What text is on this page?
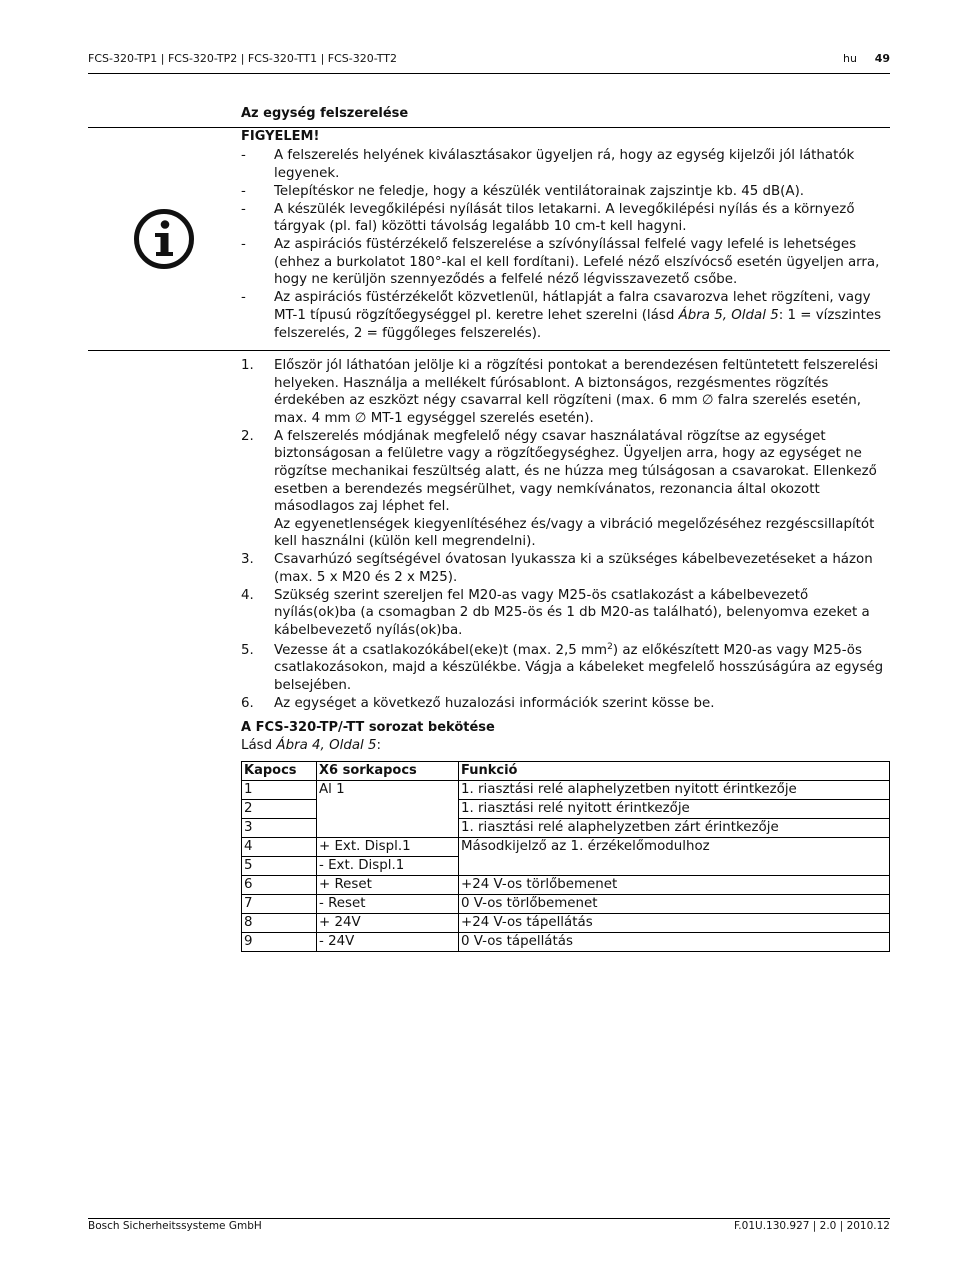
FCS-320-TP1 | FCS-320-TP2 | FCS-320-TT1 | FCS-320-TT2	hu 49
Az egység felszerelése
FIGYELEM!
- A felszerelés helyének kiválasztásakor ügyeljen rá, hogy az egység kijelzői jól láthatók legyenek.
- Telepítéskor ne feledje, hogy a készülék ventilátorainak zajszintje kb. 45 dB(A).
- A készülék levegőkilépési nyílását tilos letakarni. A levegőkilépési nyílás és a környező tárgyak (pl. fal) közötti távolság legalább 10 cm-t kell hagyni.
- Az aspirációs füstérzékelő felszerelése a szívónyílással felfelé vagy lefelé is lehetséges (ehhez a burkolatot 180°-kal el kell fordítani). Lefelé néző elszívócső esetén ügyeljen arra, hogy ne kerüljön szennyeződés a felfelé néző légvisszavezető csőbe.
- Az aspirációs füstérzékelőt közvetlenül, hátlapját a falra csavarozva lehet rögzíteni, vagy MT-1 típusú rögzítőegységgel pl. keretre lehet szerelni (lásd Ábra 5, Oldal 5: 1 = vízszintes felszerelés, 2 = függőleges felszerelés).
1. Először jól láthatóan jelölje ki a rögzítési pontokat a berendezésen feltüntetett felszerelési helyeken. Használja a mellékelt fúrósablont. A biztonságos, rezgésmentes rögzítés érdekében az eszközt négy csavarral kell rögzíteni (max. 6 mm ∅ falra szerelés esetén, max. 4 mm ∅ MT-1 egységgel szerelés esetén).

2. A felszerelés módjának megfelelő négy csavar használatával rögzítse az egységet biztonságosan a felületre vagy a rögzítőegységhez. Ügyeljen arra, hogy az egységet ne rögzítse mechanikai feszültség alatt, és ne húzza meg túlságosan a csavarokat. Ellenkező esetben a berendezés megsérülhet, vagy nemkívánatos, rezonancia által okozott másodlagos zaj léphet fel.

Az egyenetlenségek kiegyenlítéséhez és/vagy a vibráció megelőzéséhez rezgéscsillapítót kell használni (külön kell megrendelni).

3. Csavarhúzó segítségével óvatosan lyukassza ki a szükséges kábelbevezetéseket a házon (max. 5 x M20 és 2 x M25).

4. Szükség szerint szereljen fel M20-as vagy M25-ös csatlakozást a kábelbevezető nyílás(ok)ba (a csomagban 2 db M25-ös és 1 db M20-as található), belenyomva ezeket a kábelbevezető nyílás(ok)ba.

5. Vezesse át a csatlakozókábel(eke)t (max. 2,5 $mm^2$) az előkészített M20-as vagy M25-ös csatlakozásokon, majd a készülékbe. Vágja a kábeleket megfelelő hosszúságúra az egység belsejében.

6. Az egységet a következő huzalozási információk szerint kösse be.

A FCS-320-TP/-TT sorozat bekötése
Lásd Ábra 4, Oldal 5:
Kapocs	X6 sorkapocs	Funkció
1	Al 1	1. riasztási relé alaphelyzetben nyitott érintkezője
2		1. riasztási relé nyitott érintkezője
3		1. riasztási relé alaphelyzetben zárt érintkezője
4	+ Ext. Displ.1	Másodkijelző az 1. érzékelőmodulhoz
5	- Ext. Displ.1	
6	+ Reset	+24 V-os törlőbemenet
7	- Reset	0 V-os törlőbemenet
8	+ 24V	+24 V-os tápellátás
9	- 24V	0 V-os tápellátás
Bosch Sicherheitssysteme GmbH	F.01U.130.927 | 2.0 | 2010.12
